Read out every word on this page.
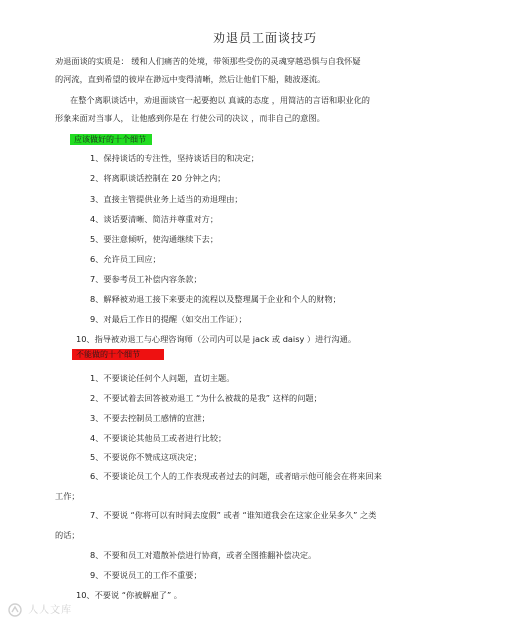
劝退员工面谈技巧
劝退面谈的实质是： 缓和人们痛苦的处境，带领那些受伤的灵魂穿越恐惧与自我怀疑
的河流，直到希望的彼岸在渺远中变得清晰，然后让他们下船，随波逐流。
在整个离职谈话中，劝退面谈官一起要抱以 真诚的态度 ，用简洁的言语和职业化的
形象来面对当事人， 让他感到你是在 行使公司的决议 ，而非自己的意图。
应该做好的十个细节
1、保持谈话的专注性，坚持谈话目的和决定；
2、将离职谈话控制在 20 分钟之内；
3、直接主管提供业务上适当的劝退理由；
4、谈话要清晰、简洁并尊重对方；
5、要注意倾听，使沟通继续下去；
6、允许员工回应；
7、要参考员工补偿内容条款；
8、解释被劝退工接下来要走的流程以及整理属于企业和个人的财物；
9、对最后工作日的提醒（如交出工作证）；
10、指导被劝退工与心理咨询师（公司内可以是 jack 或 daisy ）进行沟通。
不能做的十个细节
1、不要谈论任何个人问题，直切主题。
2、不要试着去回答被劝退工 “为什么被裁的是我” 这样的问题；
3、不要去控制员工感情的宣泄；
4、不要谈论其他员工或者进行比较；
5、不要说你不赞成这项决定；
6、不要谈论员工个人的工作表现或者过去的问题，或者暗示他可能会在将来回来
工作；
7、不要说 “你将可以有时间去度假” 或者 “谁知道我会在这家企业呆多久” 之类
的话；
8、不要和员工对遣散补偿进行协商，或者全图推翻补偿决定。
9、不要说员工的工作不重要；
10、不要说 “你被解雇了” 。
人人文库
